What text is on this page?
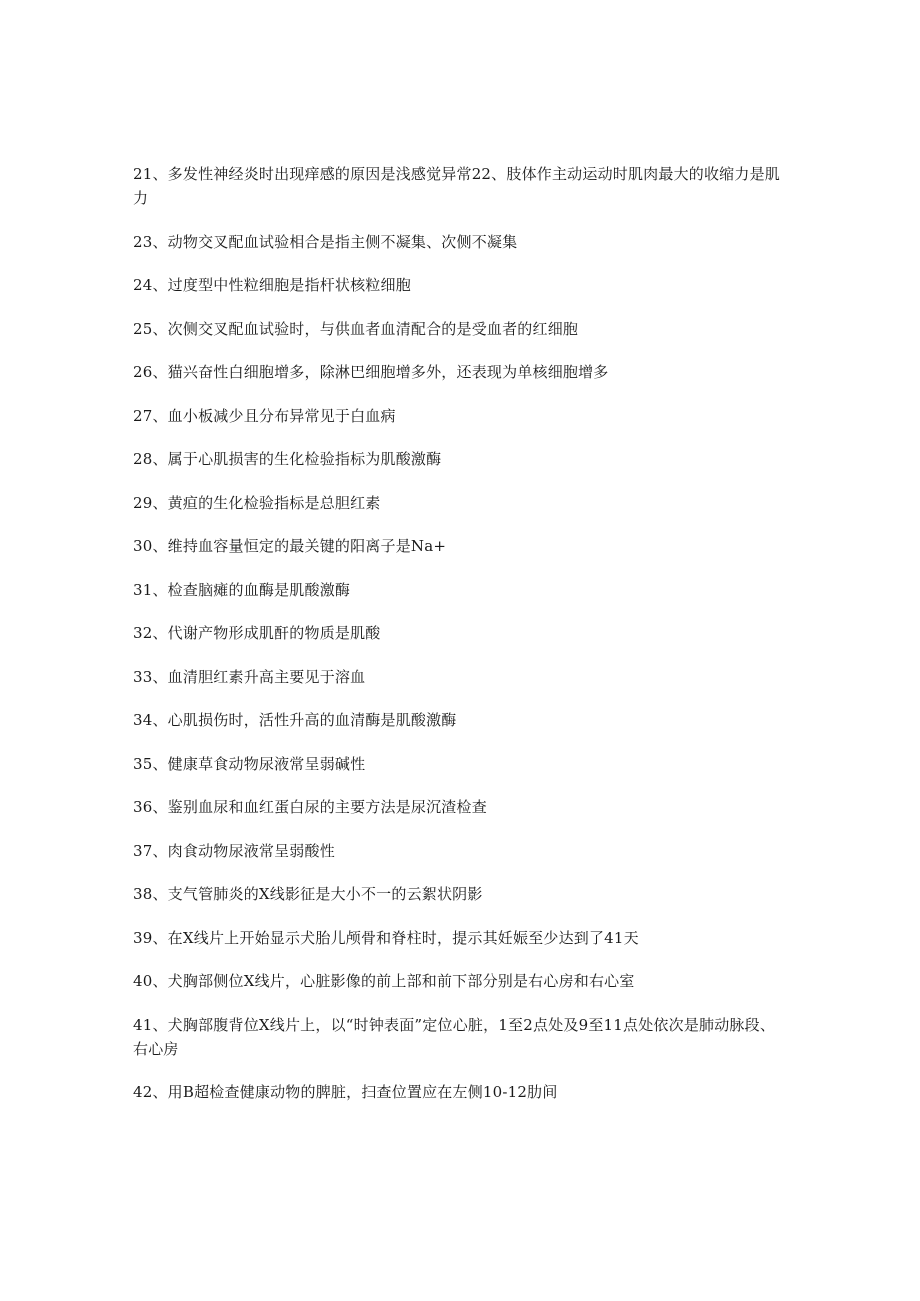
21、多发性神经炎时出现痒感的原因是浅感觉异常22、肢体作主动运动时肌肉最大的收缩力是肌力

23、动物交叉配血试验相合是指主侧不凝集、次侧不凝集

24、过度型中性粒细胞是指杆状核粒细胞

25、次侧交叉配血试验时，与供血者血清配合的是受血者的红细胞

26、猫兴奋性白细胞增多，除淋巴细胞增多外，还表现为单核细胞增多

27、血小板减少且分布异常见于白血病

28、属于心肌损害的生化检验指标为肌酸激酶

29、黄疸的生化检验指标是总胆红素

30、维持血容量恒定的最关键的阳离子是Na+

31、检查脑瘫的血酶是肌酸激酶

32、代谢产物形成肌酐的物质是肌酸

33、血清胆红素升高主要见于溶血

34、心肌损伤时，活性升高的血清酶是肌酸激酶

35、健康草食动物尿液常呈弱碱性

36、鉴别血尿和血红蛋白尿的主要方法是尿沉渣检查

37、肉食动物尿液常呈弱酸性

38、支气管肺炎的X线影征是大小不一的云絮状阴影

39、在X线片上开始显示犬胎儿颅骨和脊柱时，提示其妊娠至少达到了41天

40、犬胸部侧位X线片，心脏影像的前上部和前下部分别是右心房和右心室

41、犬胸部腹背位X线片上，以“时钟表面”定位心脏，1至2点处及9至11点处依次是肺动脉段、右心房

42、用B超检查健康动物的脾脏，扫查位置应在左侧10-12肋间
